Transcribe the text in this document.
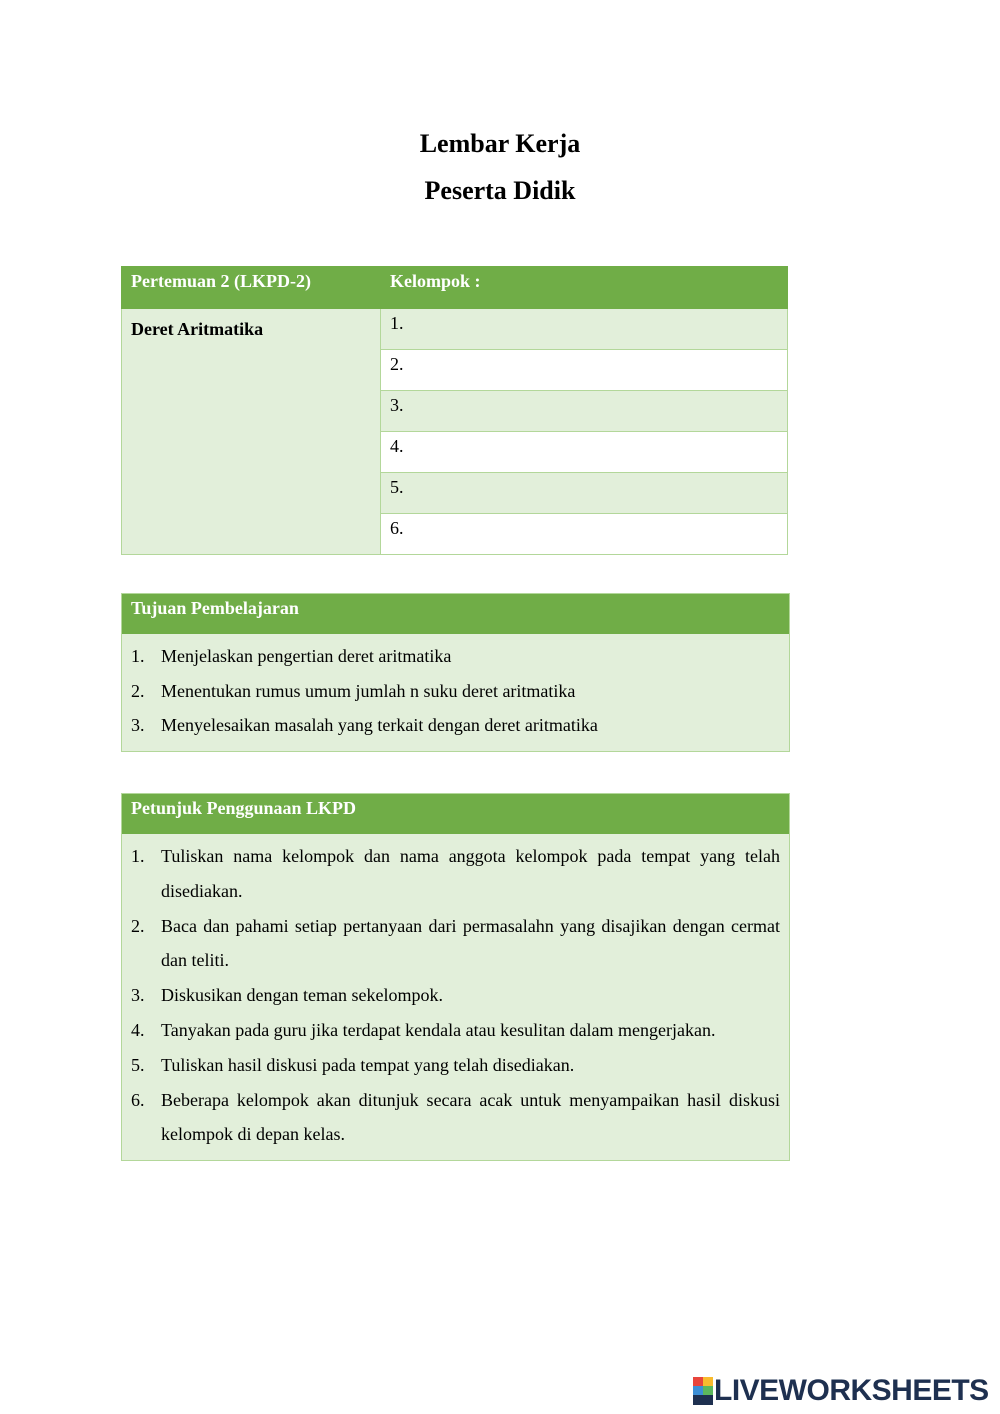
Lembar Kerja
Peserta Didik
Pertemuan 2 (LKPD-2)	Kelompok :
Deret Aritmatika	1.
	2.
	3.
	4.
	5.
	6.
Tujuan Pembelajaran
1. Menjelaskan pengertian deret aritmatika
2. Menentukan rumus umum jumlah n suku deret aritmatika
3. Menyelesaikan masalah yang terkait dengan deret aritmatika
Petunjuk Penggunaan LKPD
1. Tuliskan nama kelompok dan nama anggota kelompok pada tempat yang telah disediakan.
2. Baca dan pahami setiap pertanyaan dari permasalahn yang disajikan dengan cermat dan teliti.
3. Diskusikan dengan teman sekelompok.
4. Tanyakan pada guru jika terdapat kendala atau kesulitan dalam mengerjakan.
5. Tuliskan hasil diskusi pada tempat yang telah disediakan.
6. Beberapa kelompok akan ditunjuk secara acak untuk menyampaikan hasil diskusi kelompok di depan kelas.
LIVEWORKSHEETS
